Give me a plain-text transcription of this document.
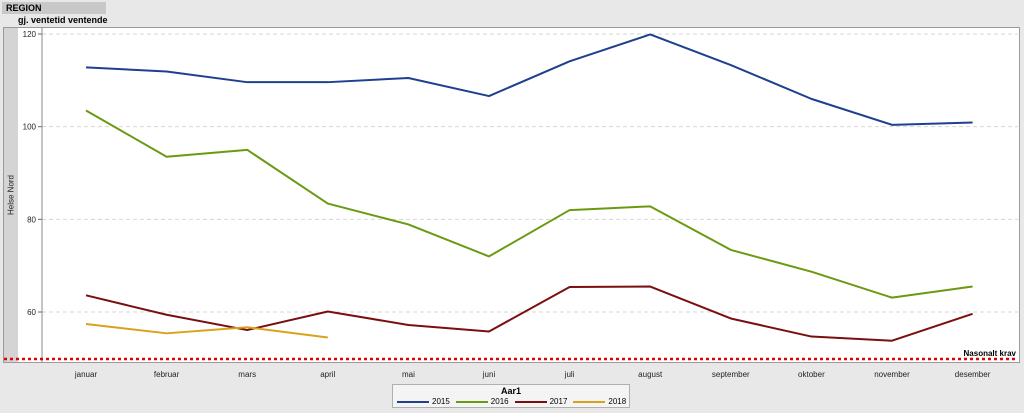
REGION
gj. ventetid ventende
Helse Nord
60
80
100
120
januar	februar	mars	april	mai	juni	juli	august	september	oktober	november	desember
Nasonalt krav
Aar1
2015	2016	2017	2018
